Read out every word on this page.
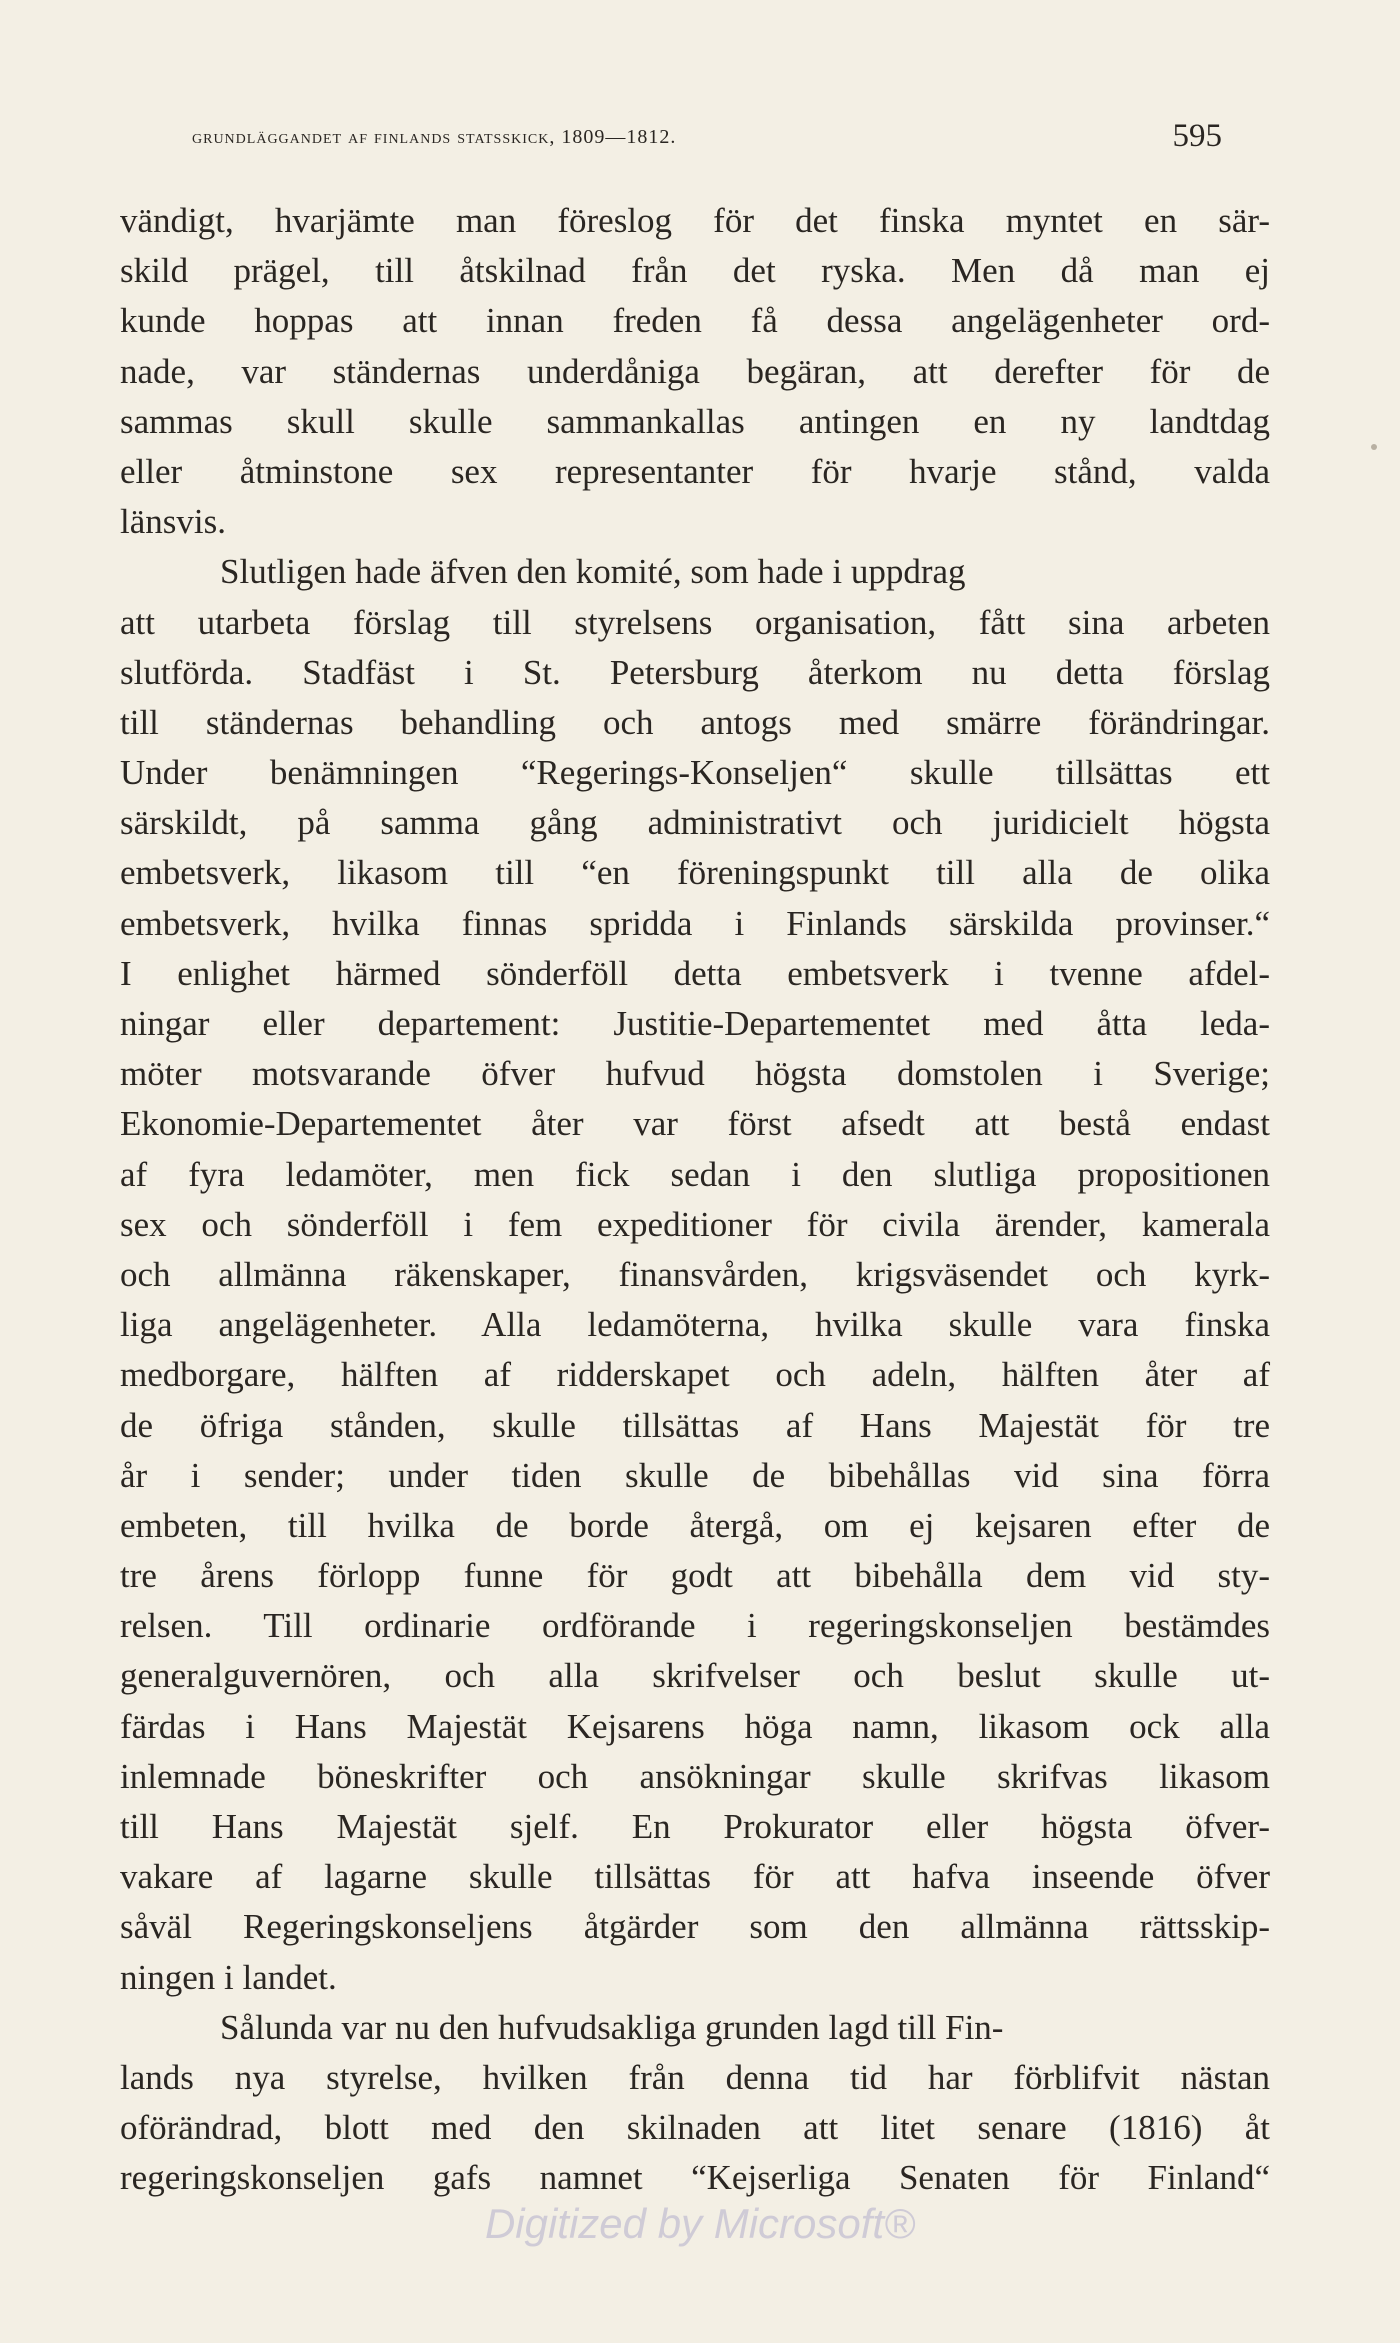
grundläggandet af finlands statsskick, 1809—1812.	595
vändigt, hvarjämte man föreslog för det finska myntet en sär-
skild prägel, till åtskilnad från det ryska. Men då man ej
kunde hoppas att innan freden få dessa angelägenheter ord-
nade, var ständernas underdåniga begäran, att derefter för de
sammas skull skulle sammankallas antingen en ny landtdag
eller åtminstone sex representanter för hvarje stånd, valda
länsvis.
Slutligen hade äfven den komité, som hade i uppdrag
att utarbeta förslag till styrelsens organisation, fått sina arbeten
slutförda. Stadfäst i St. Petersburg återkom nu detta förslag
till ständernas behandling och antogs med smärre förändringar.
Under benämningen “Regerings-Konseljen“ skulle tillsättas ett
särskildt, på samma gång administrativt och juridicielt högsta
embetsverk, likasom till “en föreningspunkt till alla de olika
embetsverk, hvilka finnas spridda i Finlands särskilda provinser.“
I enlighet härmed sönderföll detta embetsverk i tvenne afdel-
ningar eller departement: Justitie-Departementet med åtta leda-
möter motsvarande öfver hufvud högsta domstolen i Sverige;
Ekonomie-Departementet åter var först afsedt att bestå endast
af fyra ledamöter, men fick sedan i den slutliga propositionen
sex och sönderföll i fem expeditioner för civila ärender, kamerala
och allmänna räkenskaper, finansvården, krigsväsendet och kyrk-
liga angelägenheter. Alla ledamöterna, hvilka skulle vara finska
medborgare, hälften af ridderskapet och adeln, hälften åter af
de öfriga stånden, skulle tillsättas af Hans Majestät för tre
år i sender; under tiden skulle de bibehållas vid sina förra
embeten, till hvilka de borde återgå, om ej kejsaren efter de
tre årens förlopp funne för godt att bibehålla dem vid sty-
relsen. Till ordinarie ordförande i regeringskonseljen bestämdes
generalguvernören, och alla skrifvelser och beslut skulle ut-
färdas i Hans Majestät Kejsarens höga namn, likasom ock alla
inlemnade böneskrifter och ansökningar skulle skrifvas likasom
till Hans Majestät sjelf. En Prokurator eller högsta öfver-
vakare af lagarne skulle tillsättas för att hafva inseende öfver
såväl Regeringskonseljens åtgärder som den allmänna rättsskip-
ningen i landet.
Sålunda var nu den hufvudsakliga grunden lagd till Fin-
lands nya styrelse, hvilken från denna tid har förblifvit nästan
oförändrad, blott med den skilnaden att litet senare (1816) åt
regeringskonseljen gafs namnet “Kejserliga Senaten för Finland“
Digitized by Microsoft®
